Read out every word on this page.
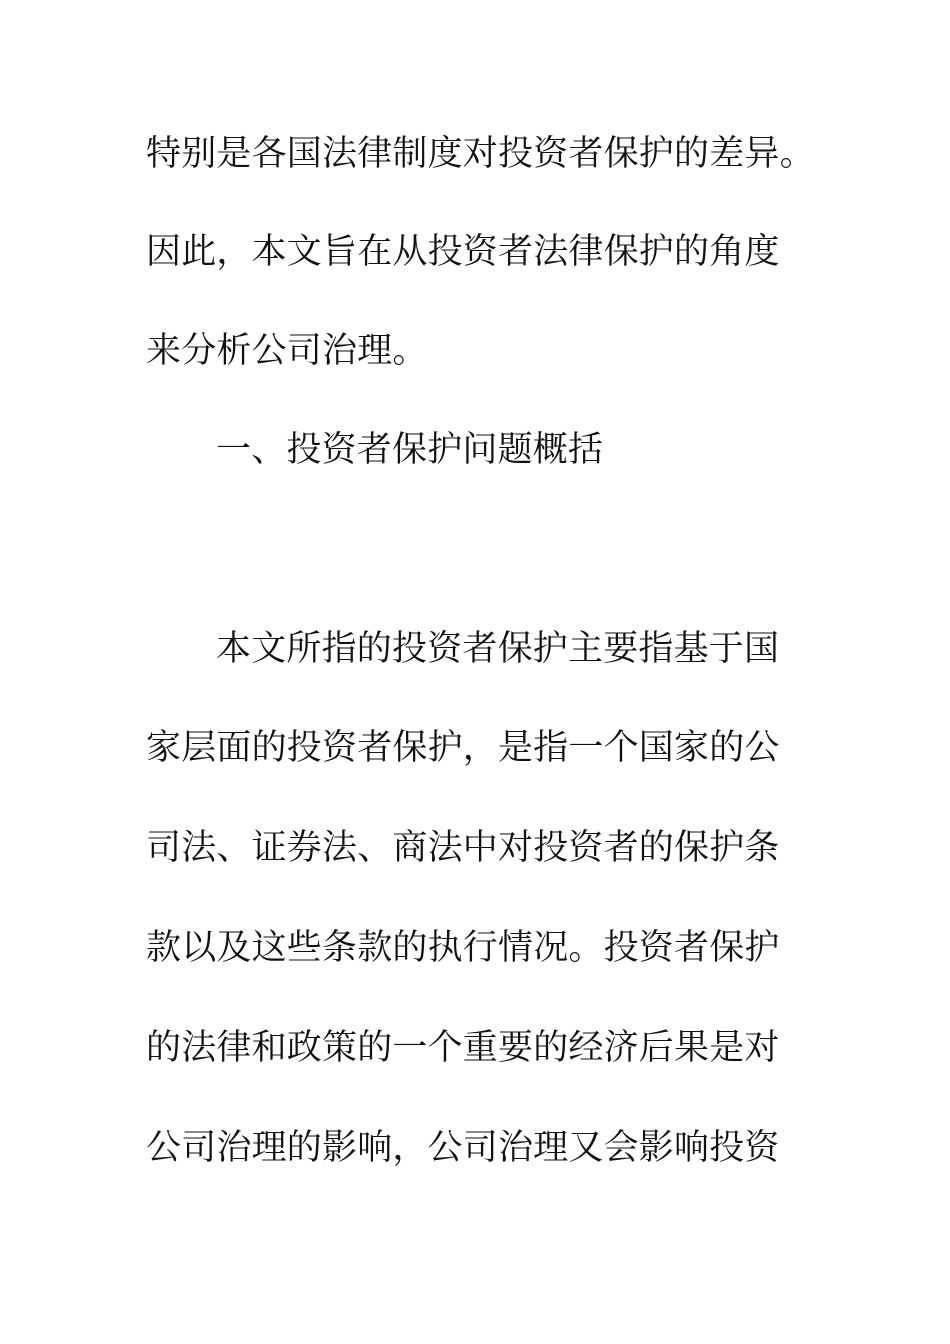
特别是各国法律制度对投资者保护的差异。

因此，本文旨在从投资者法律保护的角度

来分析公司治理。

一、投资者保护问题概括

本文所指的投资者保护主要指基于国

家层面的投资者保护，是指一个国家的公

司法、证券法、商法中对投资者的保护条

款以及这些条款的执行情况。投资者保护

的法律和政策的一个重要的经济后果是对

公司治理的影响，公司治理又会影响投资
